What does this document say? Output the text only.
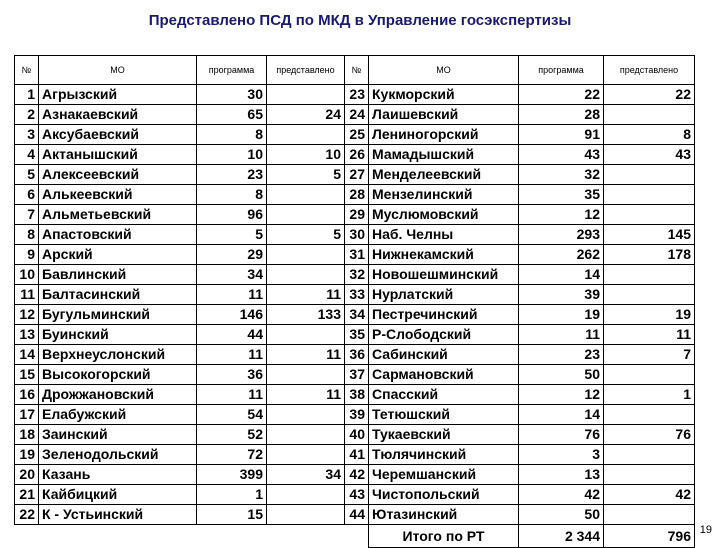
Представлено ПСД по МКД в Управление госэкспертизы
№	МО	программа	представлено	№	МО	программа	представлено
1	Агрызский	30		23	Кукморский	22	22
2	Азнакаевский	65	24	24	Лаишевский	28	
3	Аксубаевский	8		25	Лениногорский	91	8
4	Актанышский	10	10	26	Мамадышский	43	43
5	Алексеевский	23	5	27	Менделеевский	32	
6	Алькеевский	8		28	Мензелинский	35	
7	Альметьевский	96		29	Муслюмовский	12	
8	Апастовский	5	5	30	Наб. Челны	293	145
9	Арский	29		31	Нижнекамский	262	178
10	Бавлинский	34		32	Новошешминский	14	
11	Балтасинский	11	11	33	Нурлатский	39	
12	Бугульминский	146	133	34	Пестречинский	19	19
13	Буинский	44		35	Р-Слободский	11	11
14	Верхнеуслонский	11	11	36	Сабинский	23	7
15	Высокогорский	36		37	Сармановский	50	
16	Дрожжановский	11	11	38	Спасский	12	1
17	Елабужский	54		39	Тетюшский	14	
18	Заинский	52		40	Тукаевский	76	76
19	Зеленодольский	72		41	Тюлячинский	3	
20	Казань	399	34	42	Черемшанский	13	
21	Кайбицкий	1		43	Чистопольский	42	42
22	К - Устьинский	15		44	Ютазинский	50	
					Итого по РТ	2 344	796 19
